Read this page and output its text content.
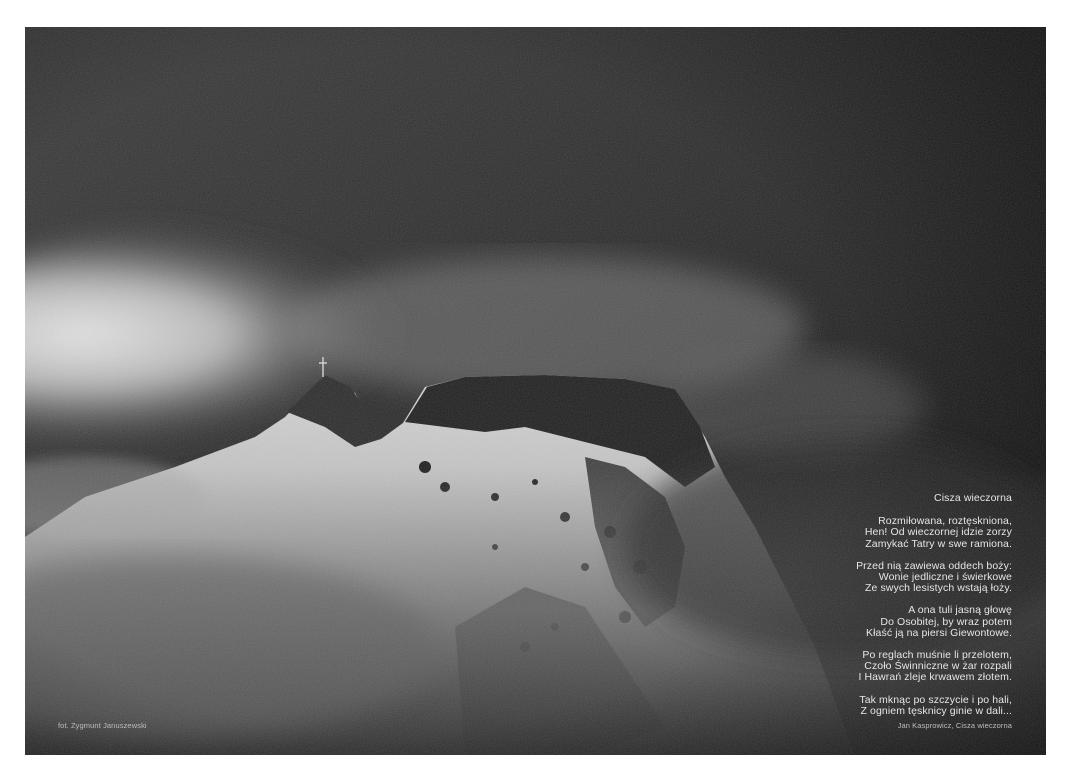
Cisza wieczorna
Rozmiłowana, roztęskniona,
Hen! Od wieczornej idzie zorzy
Zamykać Tatry w swe ramiona.
Przed nią zawiewa oddech boży:
Wonie jedliczne i świerkowe
Ze swych lesistych wstają łoży.
A ona tuli jasną głowę
Do Osobitej, by wraz potem
Kłaść ją na piersi Giewontowe.
Po reglach muśnie li przelotem,
Czoło Świnniczne w żar rozpali
I Hawrań zleje krwawem złotem.
Tak mknąc po szczycie i po hali,
Z ogniem tęsknicy ginie w dali...
fot. Zygmunt Januszewski	Jan Kasprowicz, Cisza wieczorna
